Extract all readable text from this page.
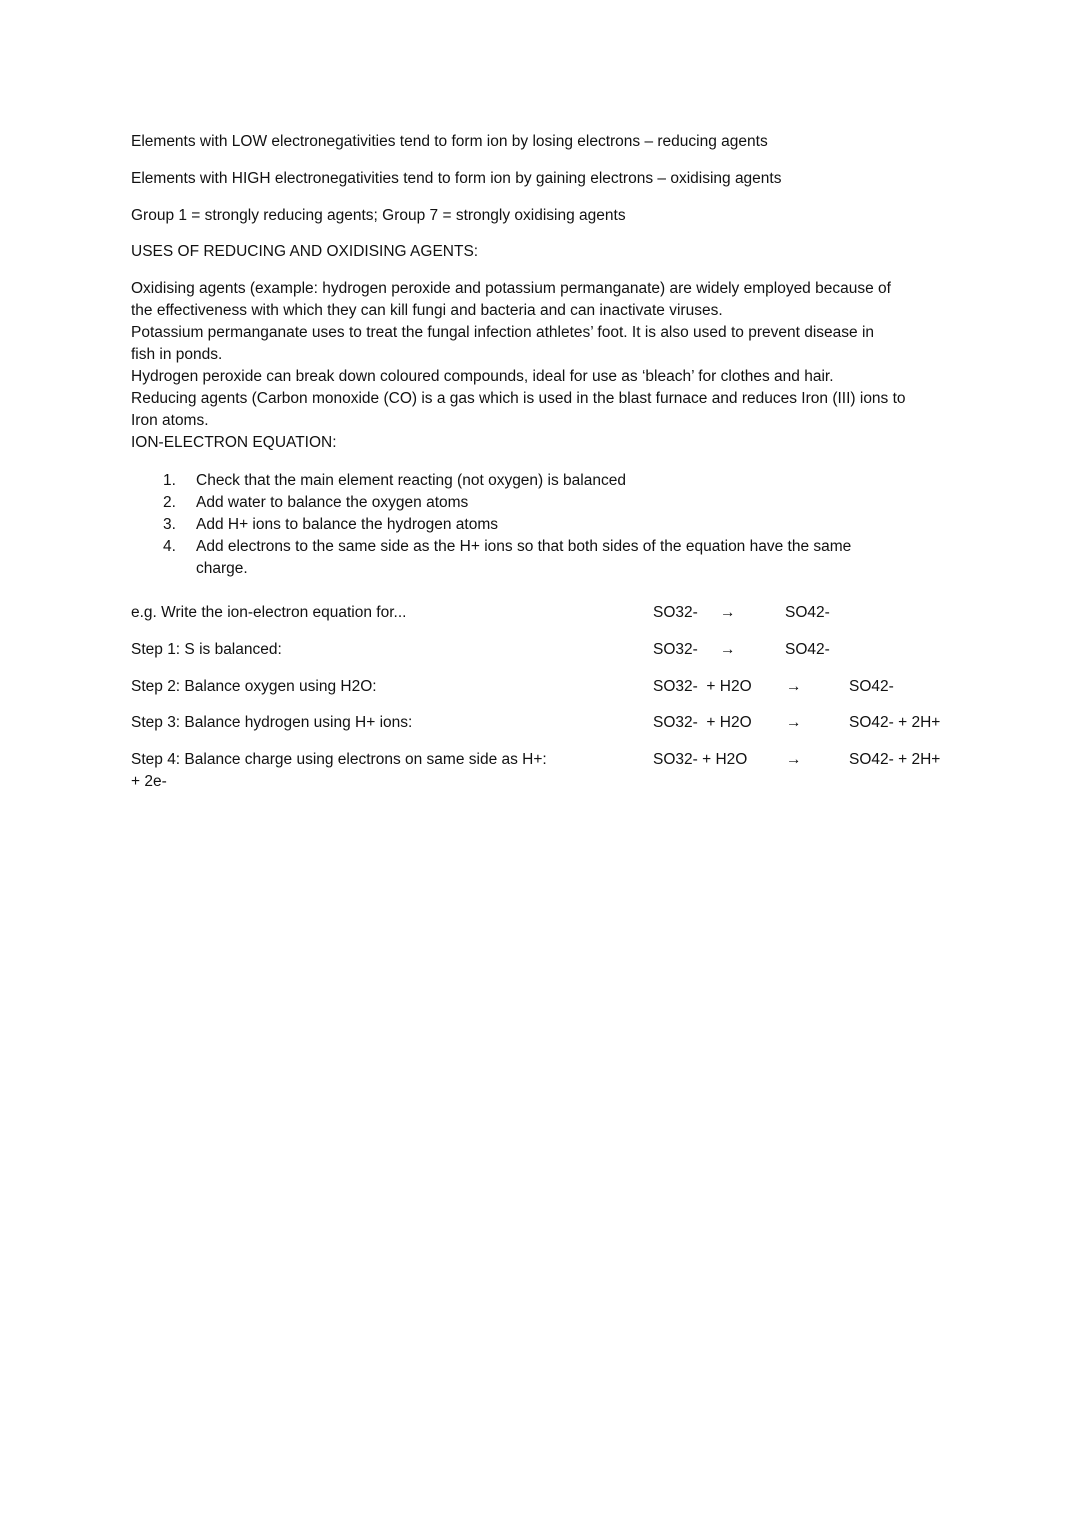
Elements with LOW electronegativities tend to form ion by losing electrons – reducing agents
Elements with HIGH electronegativities tend to form ion by gaining electrons – oxidising agents
Group 1 = strongly reducing agents; Group 7 = strongly oxidising agents
USES OF REDUCING AND OXIDISING AGENTS:
Oxidising agents (example: hydrogen peroxide and potassium permanganate) are widely employed because of
the effectiveness with which they can kill fungi and bacteria and can inactivate viruses.
Potassium permanganate uses to treat the fungal infection athletes’ foot. It is also used to prevent disease in
fish in ponds.
Hydrogen peroxide can break down coloured compounds, ideal for use as ‘bleach’ for clothes and hair.
Reducing agents (Carbon monoxide (CO) is a gas which is used in the blast furnace and reduces Iron (III) ions to
Iron atoms.
ION-ELECTRON EQUATION:
1. Check that the main element reacting (not oxygen) is balanced
2. Add water to balance the oxygen atoms
3. Add H+ ions to balance the hydrogen atoms
4. Add electrons to the same side as the H+ ions so that both sides of the equation have the same
charge.
e.g. Write the ion-electron equation for...	SO32- →	SO42-
Step 1: S is balanced:	SO32- →	SO42-
Step 2: Balance oxygen using H2O:	SO32-  + H2O →	SO42-
Step 3: Balance hydrogen using H+ ions:	SO32-  + H2O →	SO42- + 2H+
Step 4: Balance charge using electrons on same side as H+:	SO32- + H2O →	SO42- + 2H+
+ 2e-
